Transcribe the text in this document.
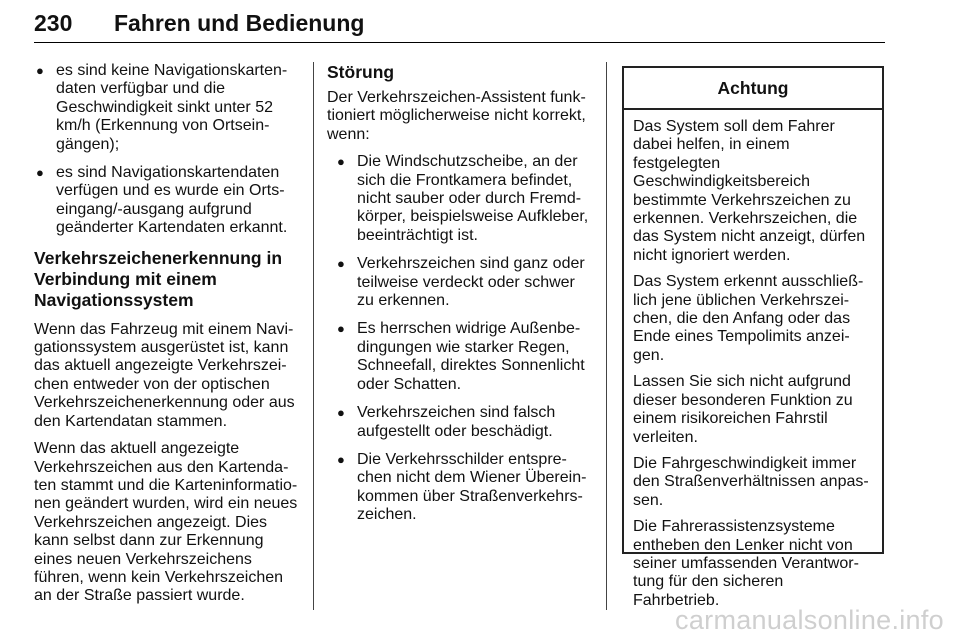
230 Fahren und Bedienung
● es sind keine Navigationskartendaten verfügbar und die Geschwindigkeit sinkt unter 52 km/h (Erkennung von Ortseingängen);
● es sind Navigationskartendaten verfügen und es wurde ein Ortseingang/-ausgang aufgrund geänderter Kartendaten erkannt.
Verkehrszeichenerkennung in Verbindung mit einem Navigationssystem

Wenn das Fahrzeug mit einem Navigationssystem ausgerüstet ist, kann das aktuell angezeigte Verkehrszeichen entweder von der optischen Verkehrszeichenerkennung oder aus den Kartendatan stammen.

Wenn das aktuell angezeigte Verkehrszeichen aus den Kartendaten stammt und die Karteninformationen geändert wurden, wird ein neues Verkehrszeichen angezeigt. Dies kann selbst dann zur Erkennung eines neuen Verkehrszeichens führen, wenn kein Verkehrszeichen an der Straße passiert wurde.

Störung

Der Verkehrszeichen-Assistent funktioniert möglicherweise nicht korrekt, wenn:

● Die Windschutzscheibe, an der sich die Frontkamera befindet, nicht sauber oder durch Fremdkörper, beispielsweise Aufkleber, beeinträchtigt ist.
● Verkehrszeichen sind ganz oder teilweise verdeckt oder schwer zu erkennen.
● Es herrschen widrige Außenbedingungen wie starker Regen, Schneefall, direktes Sonnenlicht oder Schatten.
● Verkehrszeichen sind falsch aufgestellt oder beschädigt.
● Die Verkehrsschilder entsprechen nicht dem Wiener Übereinkommen über Straßenverkehrszeichen.
Achtung

Das System soll dem Fahrer dabei helfen, in einem festgelegten Geschwindigkeitsbereich bestimmte Verkehrszeichen zu erkennen. Verkehrszeichen, die das System nicht anzeigt, dürfen nicht ignoriert werden.

Das System erkennt ausschließlich jene üblichen Verkehrszeichen, die den Anfang oder das Ende eines Tempolimits anzeigen.

Lassen Sie sich nicht aufgrund dieser besonderen Funktion zu einem risikoreichen Fahrstil verleiten.

Die Fahrgeschwindigkeit immer den Straßenverhältnissen anpassen.

Die Fahrerassistenzsysteme entheben den Lenker nicht von seiner umfassenden Verantwortung für den sicheren Fahrbetrieb.

carmanualsonline.info
